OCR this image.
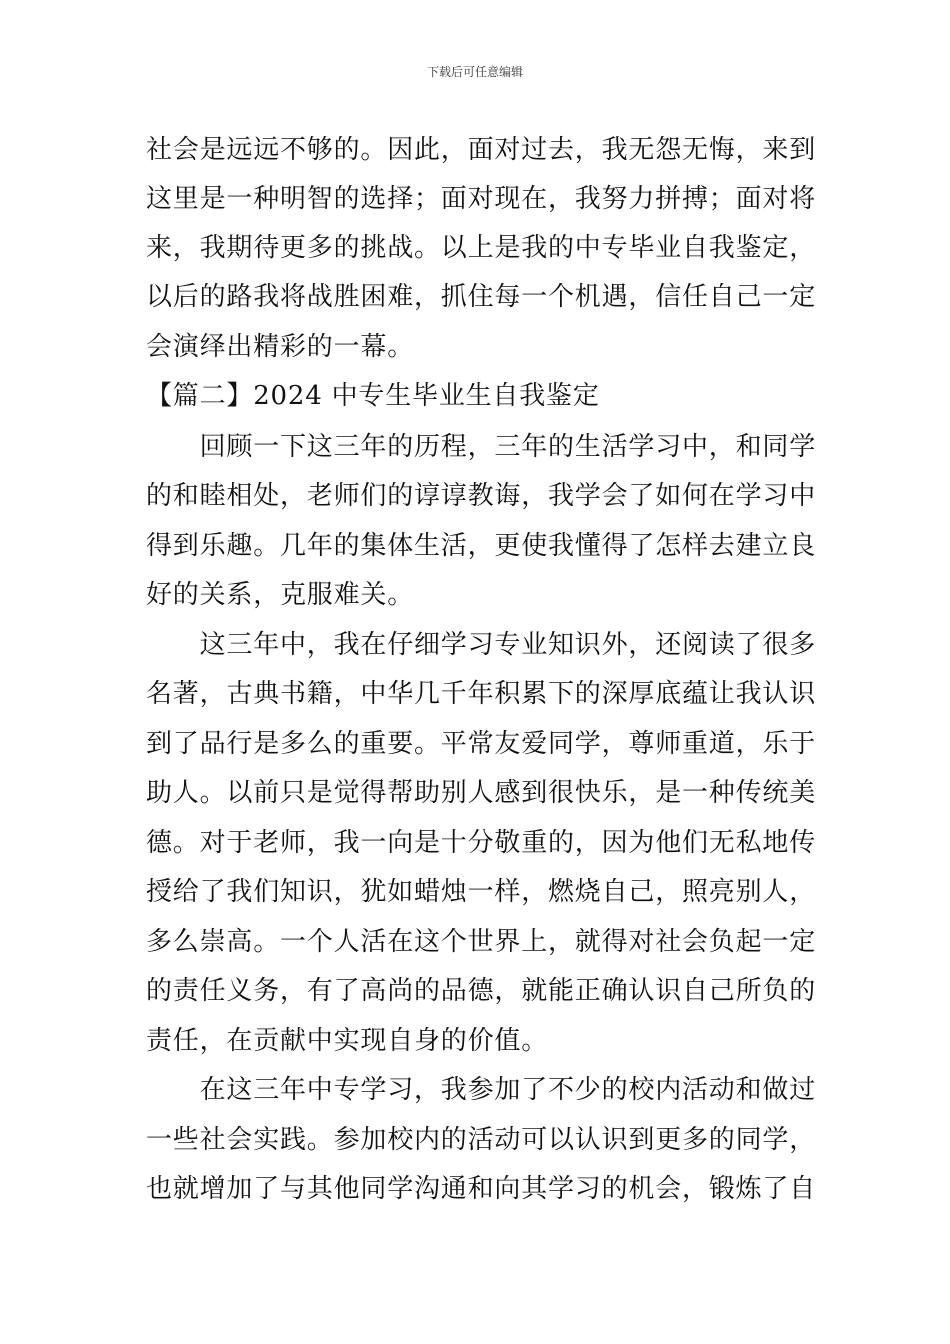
下载后可任意编辑
社会是远远不够的。因此，面对过去，我无怨无悔，来到
这里是一种明智的选择；面对现在，我努力拼搏；面对将
来，我期待更多的挑战。以上是我的中专毕业自我鉴定，
以后的路我将战胜困难，抓住每一个机遇，信任自己一定
会演绎出精彩的一幕。
【篇二】2024 中专生毕业生自我鉴定
　　回顾一下这三年的历程，三年的生活学习中，和同学
的和睦相处，老师们的谆谆教诲，我学会了如何在学习中
得到乐趣。几年的集体生活，更使我懂得了怎样去建立良
好的关系，克服难关。
　　这三年中，我在仔细学习专业知识外，还阅读了很多
名著，古典书籍，中华几千年积累下的深厚底蕴让我认识
到了品行是多么的重要。平常友爱同学，尊师重道，乐于
助人。以前只是觉得帮助别人感到很快乐，是一种传统美
德。对于老师，我一向是十分敬重的，因为他们无私地传
授给了我们知识，犹如蜡烛一样，燃烧自己，照亮别人，
多么崇高。一个人活在这个世界上，就得对社会负起一定
的责任义务，有了高尚的品德，就能正确认识自己所负的
责任，在贡献中实现自身的价值。
　　在这三年中专学习，我参加了不少的校内活动和做过
一些社会实践。参加校内的活动可以认识到更多的同学，
也就增加了与其他同学沟通和向其学习的机会，锻炼了自
